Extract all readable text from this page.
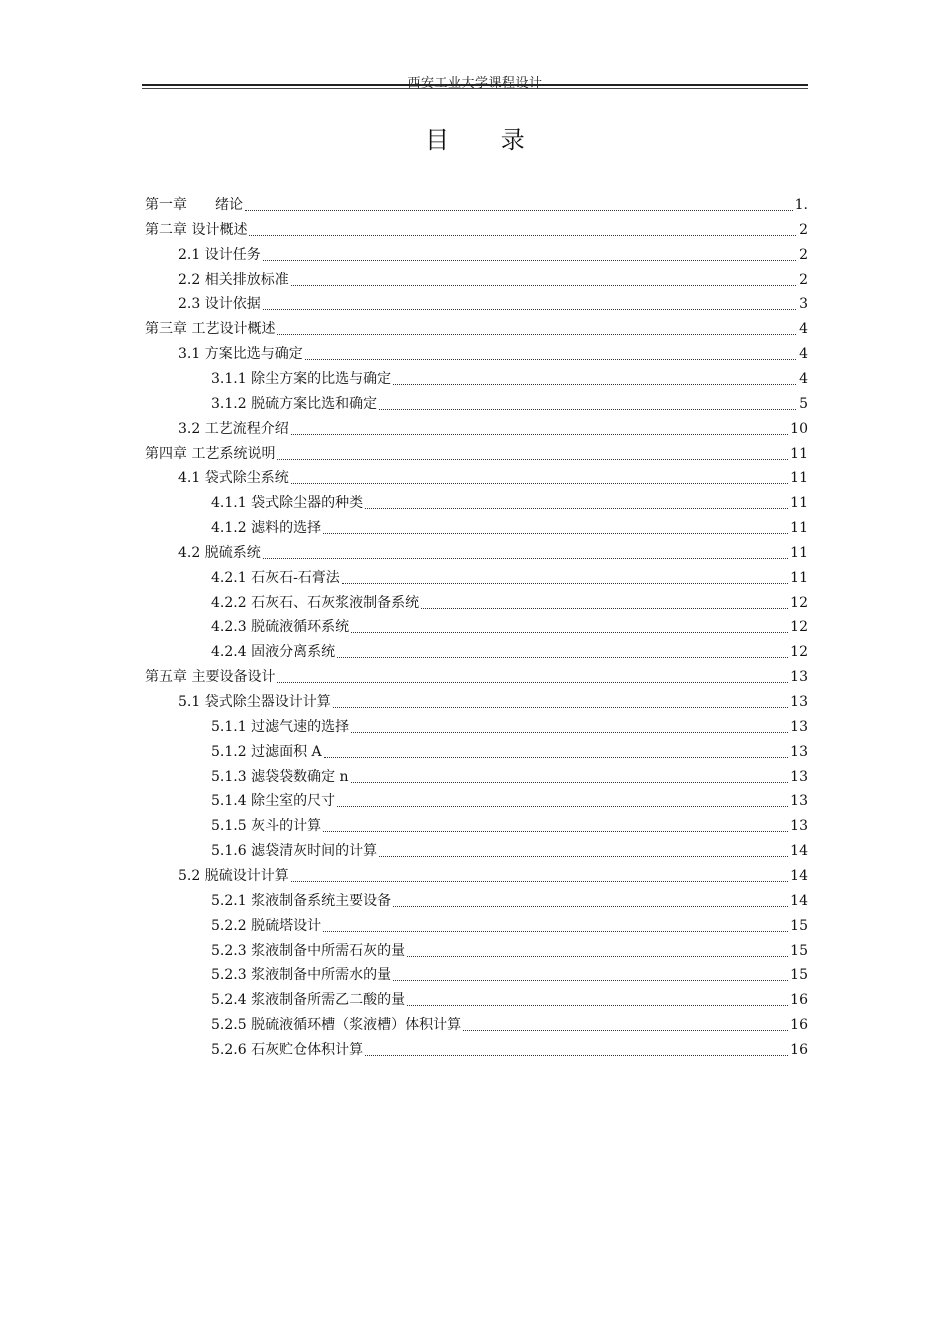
西安工业大学课程设计
目 录
第一章　　绪论	1.
第二章 设计概述	2
2.1 设计任务	2
2.2 相关排放标准	2
2.3 设计依据	3
第三章 工艺设计概述	4
3.1 方案比选与确定	4
3.1.1 除尘方案的比选与确定	4
3.1.2 脱硫方案比选和确定	5
3.2 工艺流程介绍	10
第四章 工艺系统说明	11
4.1 袋式除尘系统	11
4.1.1 袋式除尘器的种类	11
4.1.2 滤料的选择	11
4.2 脱硫系统	11
4.2.1 石灰石-石膏法	11
4.2.2 石灰石、石灰浆液制备系统	12
4.2.3 脱硫液循环系统	12
4.2.4 固液分离系统	12
第五章 主要设备设计	13
5.1 袋式除尘器设计计算	13
5.1.1 过滤气速的选择	13
5.1.2 过滤面积 A	13
5.1.3 滤袋袋数确定 n	13
5.1.4 除尘室的尺寸	13
5.1.5 灰斗的计算	13
5.1.6 滤袋清灰时间的计算	14
5.2 脱硫设计计算	14
5.2.1 浆液制备系统主要设备	14
5.2.2 脱硫塔设计	15
5.2.3 浆液制备中所需石灰的量	15
5.2.3 浆液制备中所需水的量	15
5.2.4 浆液制备所需乙二酸的量	16
5.2.5 脱硫液循环槽（浆液槽）体积计算	16
5.2.6 石灰贮仓体积计算	16
